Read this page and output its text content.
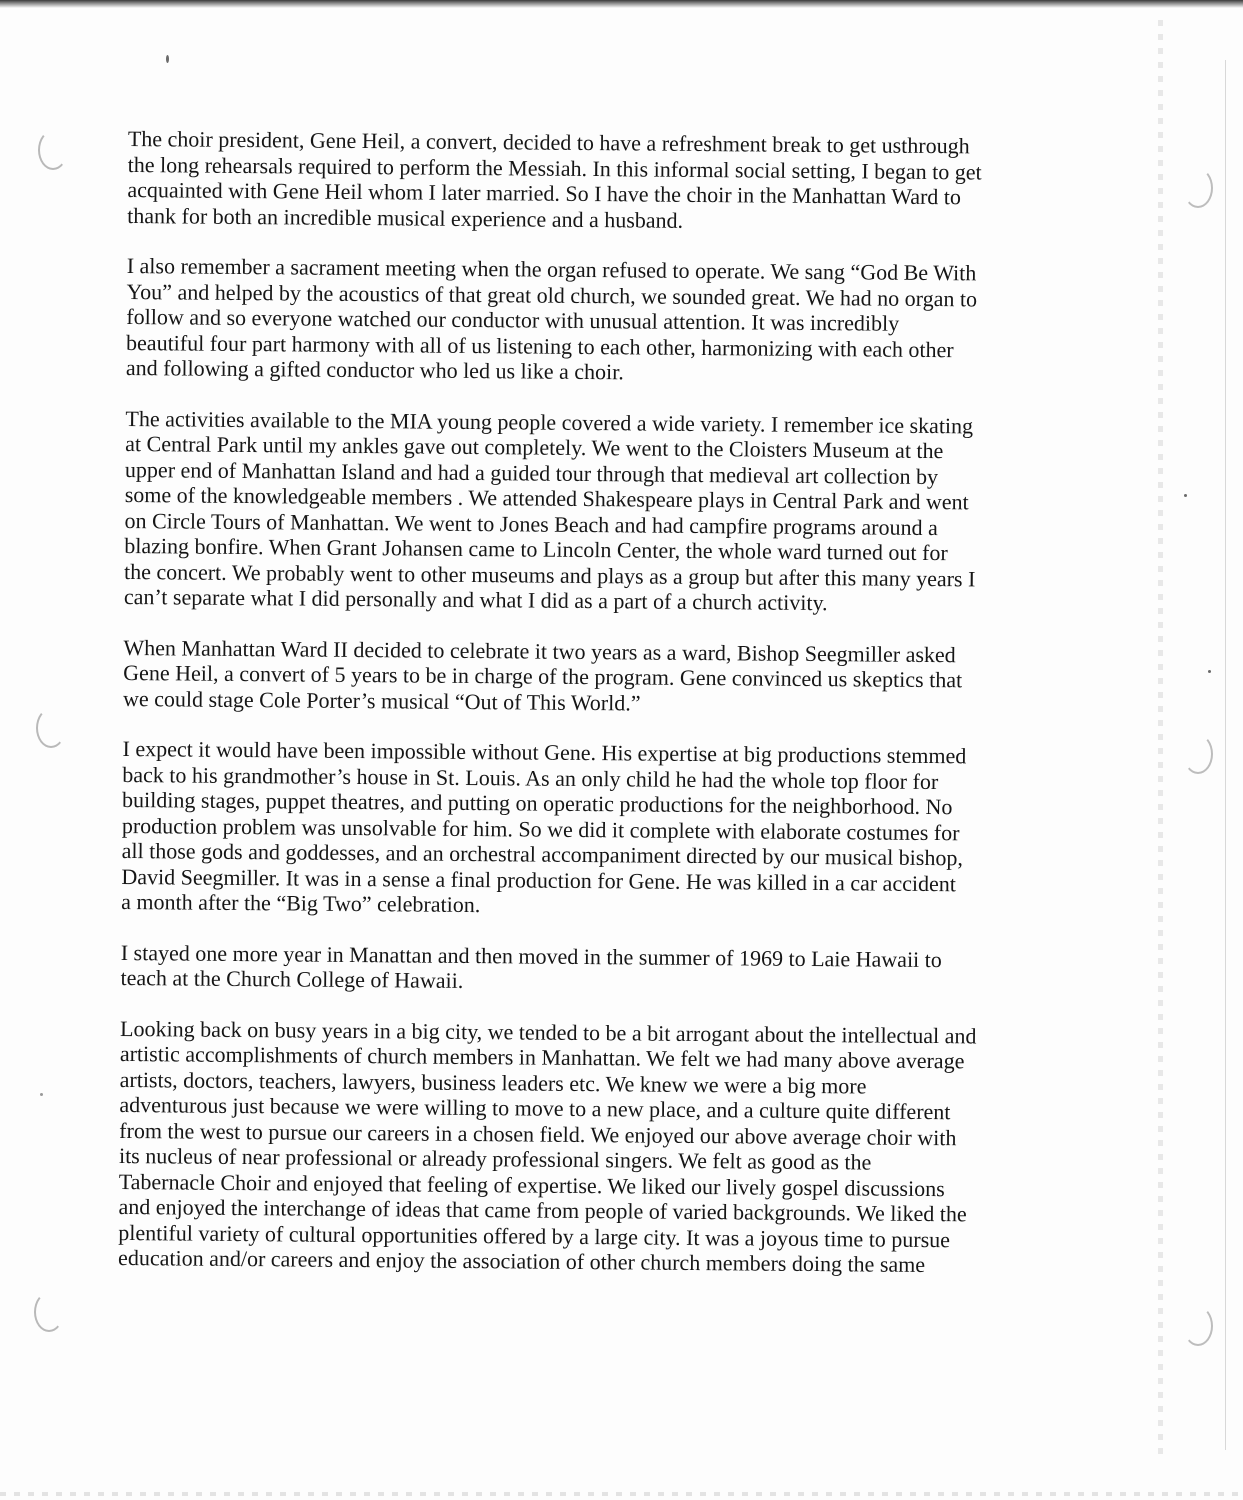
The choir president, Gene Heil, a convert, decided to have a refreshment break to get usthrough
the long rehearsals required to perform the Messiah. In this informal social setting, I began to get
acquainted with Gene Heil whom I later married. So I have the choir in the Manhattan Ward to
thank for both an incredible musical experience and a husband.
I also remember a sacrament meeting when the organ refused to operate. We sang “God Be With
You” and helped by the acoustics of that great old church, we sounded great. We had no organ to
follow and so everyone watched our conductor with unusual attention. It was incredibly
beautiful four part harmony with all of us listening to each other, harmonizing with each other
and following a gifted conductor who led us like a choir.
The activities available to the MIA young people covered a wide variety. I remember ice skating
at Central Park until my ankles gave out completely. We went to the Cloisters Museum at the
upper end of Manhattan Island and had a guided tour through that medieval art collection by
some of the knowledgeable members . We attended Shakespeare plays in Central Park and went
on Circle Tours of Manhattan. We went to Jones Beach and had campfire programs around a
blazing bonfire. When Grant Johansen came to Lincoln Center, the whole ward turned out for
the concert. We probably went to other museums and plays as a group but after this many years I
can’t separate what I did personally and what I did as a part of a church activity.
When Manhattan Ward II decided to celebrate it two years as a ward, Bishop Seegmiller asked
Gene Heil, a convert of 5 years to be in charge of the program. Gene convinced us skeptics that
we could stage Cole Porter’s musical “Out of This World.”
I expect it would have been impossible without Gene. His expertise at big productions stemmed
back to his grandmother’s house in St. Louis. As an only child he had the whole top floor for
building stages, puppet theatres, and putting on operatic productions for the neighborhood. No
production problem was unsolvable for him. So we did it complete with elaborate costumes for
all those gods and goddesses, and an orchestral accompaniment directed by our musical bishop,
David Seegmiller. It was in a sense a final production for Gene. He was killed in a car accident
a month after the “Big Two” celebration.
I stayed one more year in Manattan and then moved in the summer of 1969 to Laie Hawaii to
teach at the Church College of Hawaii.
Looking back on busy years in a big city, we tended to be a bit arrogant about the intellectual and
artistic accomplishments of church members in Manhattan. We felt we had many above average
artists, doctors, teachers, lawyers, business leaders etc. We knew we were a big more
adventurous just because we were willing to move to a new place, and a culture quite different
from the west to pursue our careers in a chosen field. We enjoyed our above average choir with
its nucleus of near professional or already professional singers. We felt as good as the
Tabernacle Choir and enjoyed that feeling of expertise. We liked our lively gospel discussions
and enjoyed the interchange of ideas that came from people of varied backgrounds. We liked the
plentiful variety of cultural opportunities offered by a large city. It was a joyous time to pursue
education and/or careers and enjoy the association of other church members doing the same
